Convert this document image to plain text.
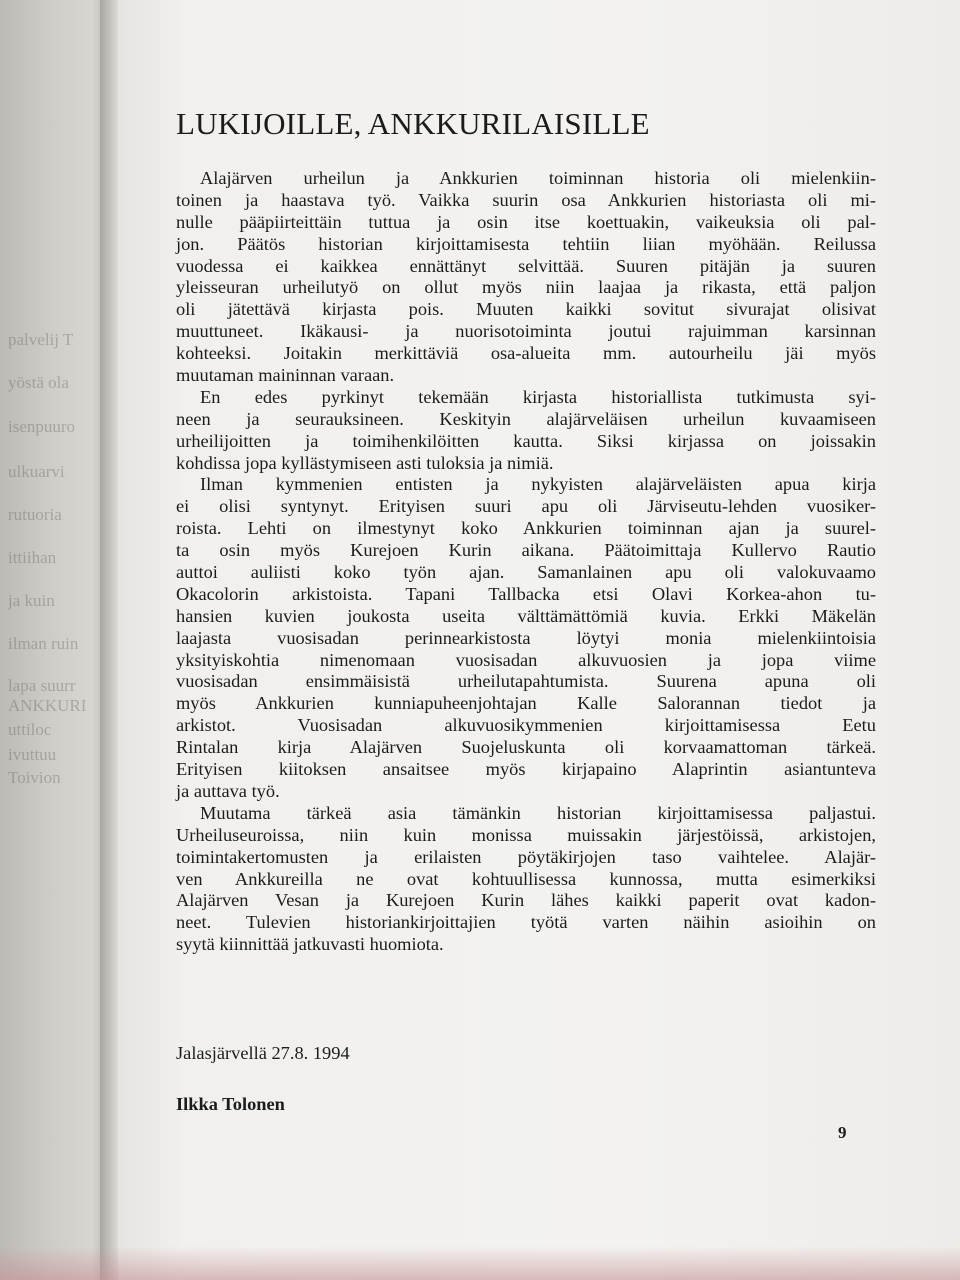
palvelij T
yöstä ola
isenpuuro
ulkuarvi
rutuoria
ittiihan
ja kuin
ilman ruin
lapa suurr
ANKKURI
uttiloc
ivuttuu
Toivion
LUKIJOILLE, ANKKURILAISILLE
Alajärven urheilun ja Ankkurien toiminnan historia oli mielenkiin-
toinen ja haastava työ. Vaikka suurin osa Ankkurien historiasta oli mi-
nulle pääpiirteittäin tuttua ja osin itse koettuakin, vaikeuksia oli pal-
jon. Päätös historian kirjoittamisesta tehtiin liian myöhään. Reilussa
vuodessa ei kaikkea ennättänyt selvittää. Suuren pitäjän ja suuren
yleisseuran urheilutyö on ollut myös niin laajaa ja rikasta, että paljon
oli jätettävä kirjasta pois. Muuten kaikki sovitut sivurajat olisivat
muuttuneet. Ikäkausi- ja nuorisotoiminta joutui rajuimman karsinnan
kohteeksi. Joitakin merkittäviä osa-alueita mm. autourheilu jäi myös
muutaman maininnan varaan.
En edes pyrkinyt tekemään kirjasta historiallista tutkimusta syi-
neen ja seurauksineen. Keskityin alajärveläisen urheilun kuvaamiseen
urheilijoitten ja toimihenkilöitten kautta. Siksi kirjassa on joissakin
kohdissa jopa kyllästymiseen asti tuloksia ja nimiä.
Ilman kymmenien entisten ja nykyisten alajärveläisten apua kirja
ei olisi syntynyt. Erityisen suuri apu oli Järviseutu-lehden vuosiker-
roista. Lehti on ilmestynyt koko Ankkurien toiminnan ajan ja suurel-
ta osin myös Kurejoen Kurin aikana. Päätoimittaja Kullervo Rautio
auttoi auliisti koko työn ajan. Samanlainen apu oli valokuvaamo
Okacolorin arkistoista. Tapani Tallbacka etsi Olavi Korkea-ahon tu-
hansien kuvien joukosta useita välttämättömiä kuvia. Erkki Mäkelän
laajasta vuosisadan perinnearkistosta löytyi monia mielenkiintoisia
yksityiskohtia nimenomaan vuosisadan alkuvuosien ja jopa viime
vuosisadan ensimmäisistä urheilutapahtumista. Suurena apuna oli
myös Ankkurien kunniapuheenjohtajan Kalle Salorannan tiedot ja
arkistot. Vuosisadan alkuvuosikymmenien kirjoittamisessa Eetu
Rintalan kirja Alajärven Suojeluskunta oli korvaamattoman tärkeä.
Erityisen kiitoksen ansaitsee myös kirjapaino Alaprintin asiantunteva
ja auttava työ.
Muutama tärkeä asia tämänkin historian kirjoittamisessa paljastui.
Urheiluseuroissa, niin kuin monissa muissakin järjestöissä, arkistojen,
toimintakertomusten ja erilaisten pöytäkirjojen taso vaihtelee. Alajär-
ven Ankkureilla ne ovat kohtuullisessa kunnossa, mutta esimerkiksi
Alajärven Vesan ja Kurejoen Kurin lähes kaikki paperit ovat kadon-
neet. Tulevien historiankirjoittajien työtä varten näihin asioihin on
syytä kiinnittää jatkuvasti huomiota.
Jalasjärvellä 27.8. 1994
Ilkka Tolonen
9
